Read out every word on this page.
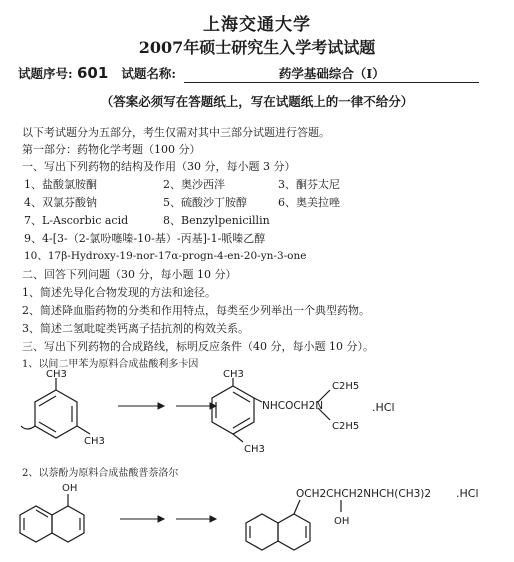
上海交通大学
2007年硕士研究生入学考试试题
试题序号: 601 试题名称:	药学基础综合（Ⅰ）
（答案必须写在答题纸上，写在试题纸上的一律不给分）
以下考试题分为五部分，考生仅需对其中三部分试题进行答题。
第一部分：药物化学考题（100 分）
一、写出下列药物的结构及作用（30 分，每小题 3 分）
1、盐酸氯胺酮	2、奥沙西泮	3、酮芬太尼
4、双氯芬酸钠	5、硫酸沙丁胺醇	6、奥美拉唑
7、L-Ascorbic acid	8、Benzylpenicillin
9、4-[3-（2-氯吩噻嗪-10-基）-丙基]-1-哌嗪乙醇
10、17β-Hydroxy-19-nor-17α-progn-4-en-20-yn-3-one
二、回答下列问题（30 分，每小题 10 分）
1、简述先导化合物发现的方法和途径。
2、简述降血脂药物的分类和作用特点，每类至少列举出一个典型药物。
3、简述二氢吡啶类钙离子拮抗剂的构效关系。
三、写出下列药物的合成路线，标明反应条件（40 分，每小题 10 分）。
1、以间二甲苯为原料合成盐酸利多卡因
CH3
CH3
CH3
CH3
NHCOCH2N
C2H5
C2H5
.HCl
2、以萘酚为原料合成盐酸普萘洛尔
OH	OCH2CHCH2NHCH(CH3)2
OH
.HCl
